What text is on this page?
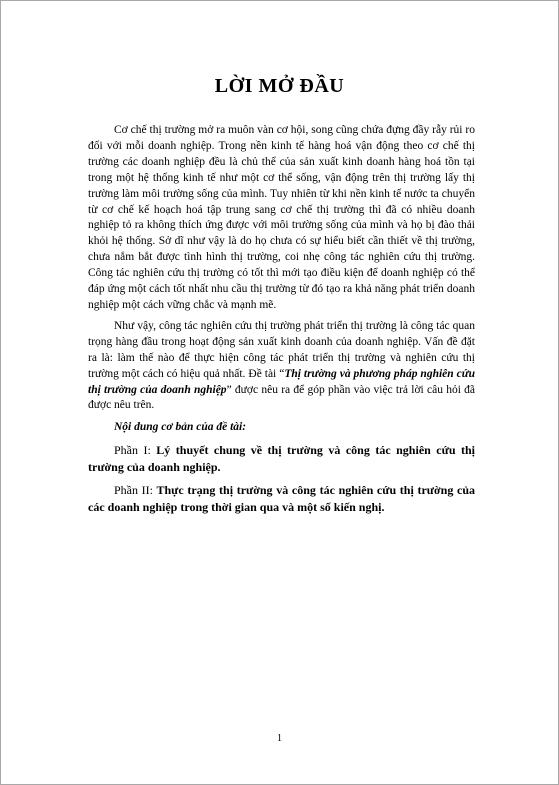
LỜI MỞ ĐẦU

Cơ chế thị trường mở ra muôn vàn cơ hội, song cũng chứa đựng đầy rẫy rủi ro đối với mỗi doanh nghiệp. Trong nền kinh tế hàng hoá vận động theo cơ chế thị trường các doanh nghiệp đều là chủ thể của sản xuất kinh doanh hàng hoá tồn tại trong một hệ thống kinh tế như một cơ thể sống, vận động trên thị trường lấy thị trường làm môi trường sống của mình. Tuy nhiên từ khi nền kinh tế nước ta chuyển từ cơ chế kế hoạch hoá tập trung sang cơ chế thị trường thì đã có nhiều doanh nghiệp tỏ ra không thích ứng được với môi trường sống của mình và họ bị đào thải khỏi hệ thống. Sở dĩ như vậy là do họ chưa có sự hiểu biết cần thiết về thị trường, chưa nắm bắt được tình hình thị trường, coi nhẹ công tác nghiên cứu thị trường. Công tác nghiên cứu thị trường có tốt thì mới tạo điều kiện để doanh nghiệp có thể đáp ứng một cách tốt nhất nhu cầu thị trường từ đó tạo ra khả năng phát triển doanh nghiệp một cách vững chắc và mạnh mẽ.

Như vậy, công tác nghiên cứu thị trường phát triển thị trường là công tác quan trọng hàng đầu trong hoạt động sản xuất kinh doanh của doanh nghiệp. Vấn đề đặt ra là: làm thế nào để thực hiện công tác phát triển thị trường và nghiên cứu thị trường một cách có hiệu quả nhất. Đề tài “Thị trường và phương pháp nghiên cứu thị trường của doanh nghiệp” được nêu ra để góp phần vào việc trả lời câu hỏi đã được nêu trên.

Nội dung cơ bản của đề tài:

Phần I: Lý thuyết chung về thị trường và công tác nghiên cứu thị trường của doanh nghiệp.

Phần II: Thực trạng thị trường và công tác nghiên cứu thị trường của các doanh nghiệp trong thời gian qua và một số kiến nghị.

1
